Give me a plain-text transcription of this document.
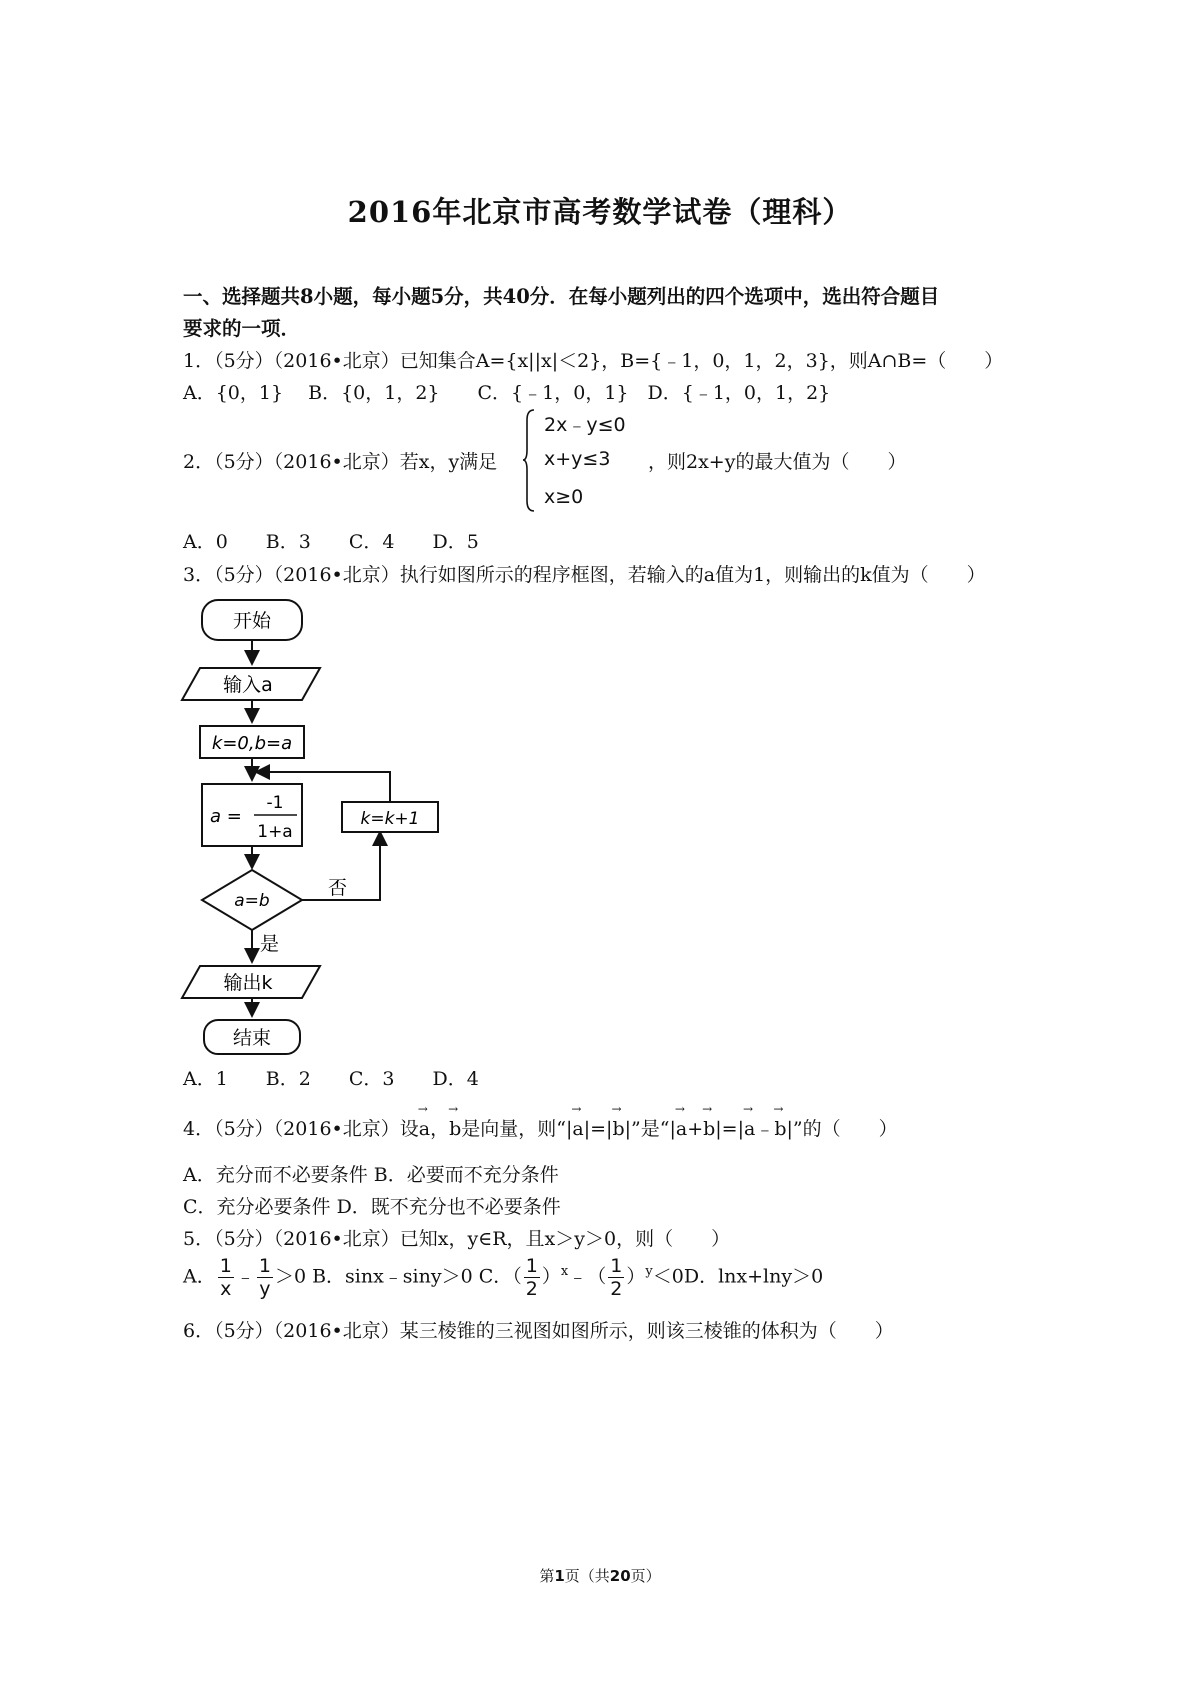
2016年北京市高考数学试卷（理科）
一、选择题共8小题，每小题5分，共40分．在每小题列出的四个选项中，选出符合题目
要求的一项．
1．（5分）（2016•北京）已知集合A={x||x|＜2}，B={﹣1，0，1，2，3}，则A∩B=（　　）
A．{0，1}　 B．{0，1，2}　　C．{﹣1，0，1}　D．{﹣1，0，1，2}
2．（5分）（2016•北京）若x，y满足
2x﹣y≤0
x+y≤3
x≥0
，则2x+y的最大值为（　　）
A．0　　B．3　　C．4　　D．5
3．（5分）（2016•北京）执行如图所示的程序框图，若输入的a值为1，则输出的k值为（　　）
开始
输入a
k=0,b=a
a =
-1
1+a
a=b
否
k=k+1
是
输出k
结束
A．1　　B．2　　C．3　　D．4
4．（5分）（2016•北京）设
→
a，
→
b是向量，则“|
→
a|=|
→
b|”是“|
→
a+
→
b|=|
→
a﹣
→
b|”的（　　）
A．充分而不必要条件 B．必要而不充分条件
C．充分必要条件 D．既不充分也不必要条件
5．（5分）（2016•北京）已知x，y∈R，且x＞y＞0，则（　　）
A． $\frac{1}{x}$ ﹣ $\frac{1}{y} >0$ B．sinx﹣siny＞0 C．（ $\frac{1}{2}$ ）$^x$﹣（ $\frac{1}{2} )^y<0D$．lnx+lny＞0
6．（5分）（2016•北京）某三棱锥的三视图如图所示，则该三棱锥的体积为（　　）
第1页（共20页）
